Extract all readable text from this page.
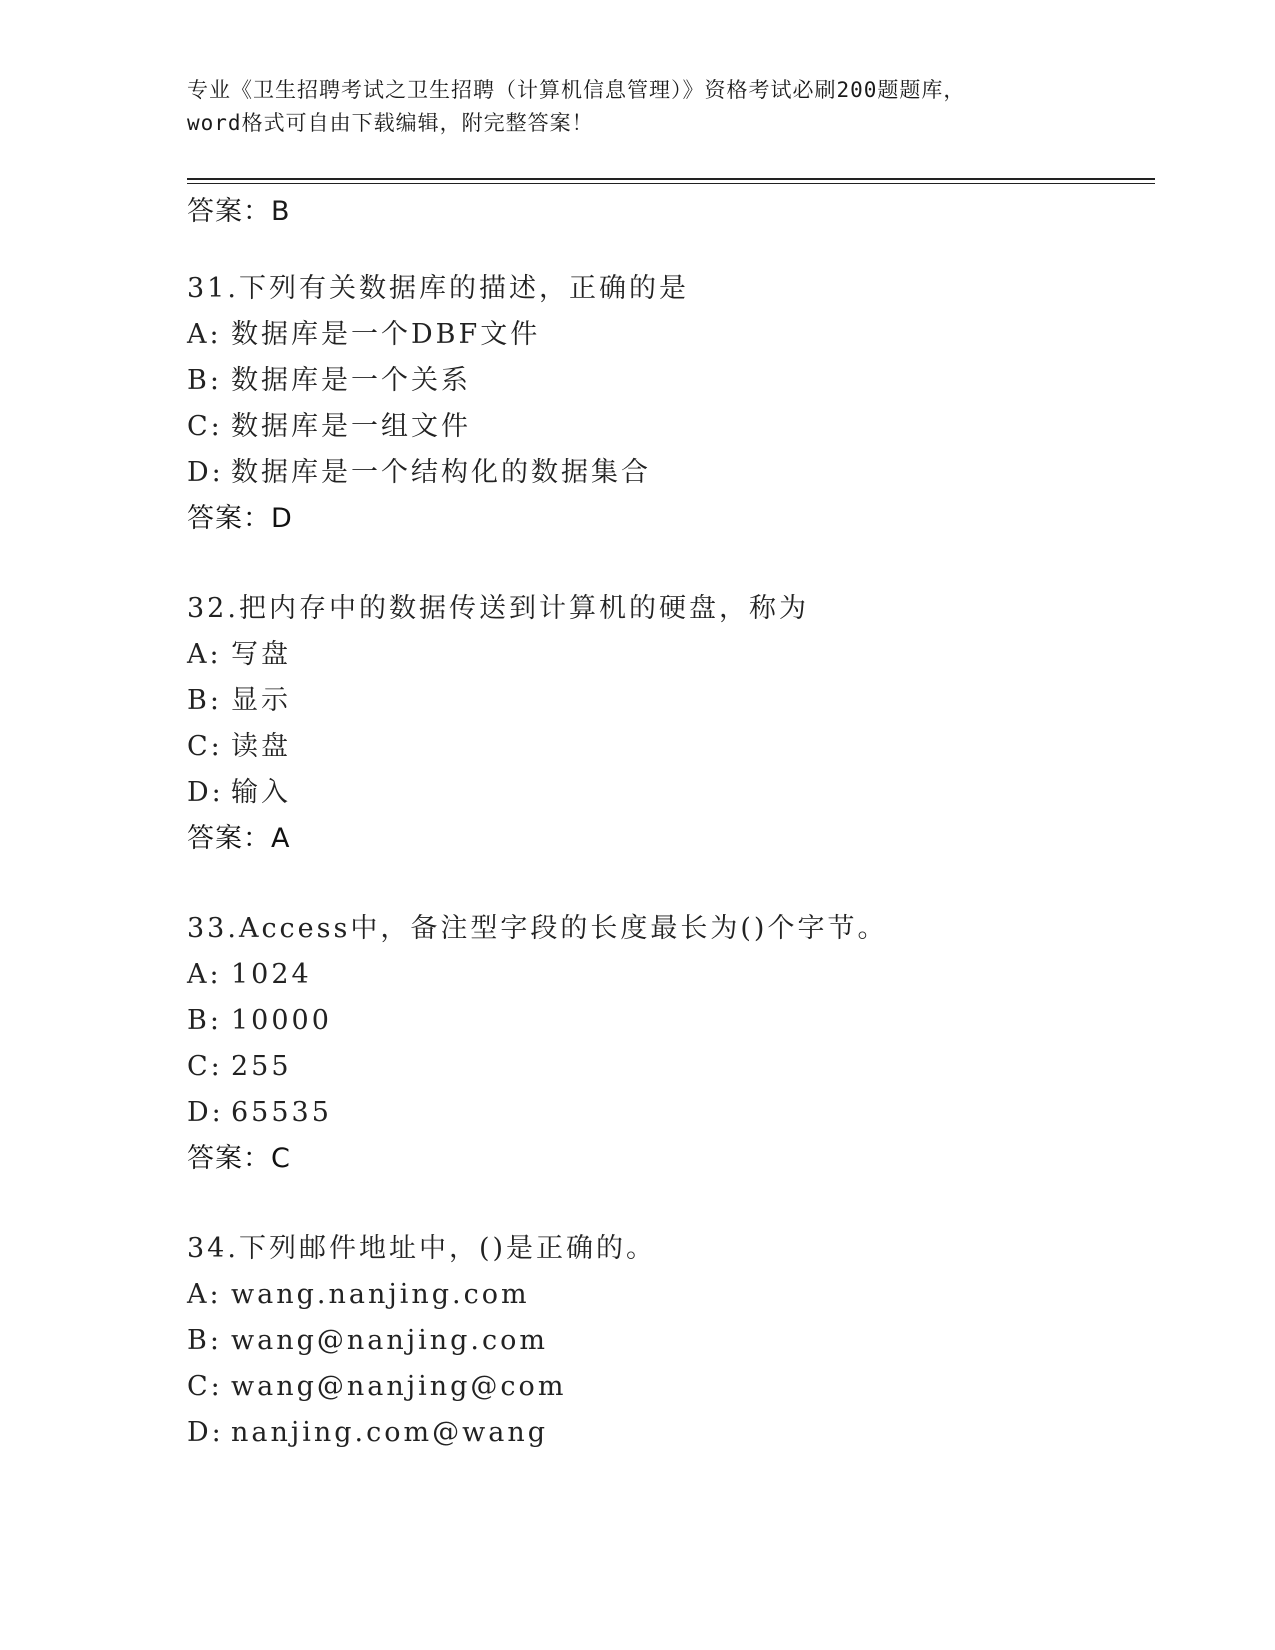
专业《卫生招聘考试之卫生招聘（计算机信息管理）》资格考试必刷200题题库，
word格式可自由下载编辑，附完整答案！
答案：B
31.下列有关数据库的描述，正确的是
A: 数据库是一个DBF文件
B: 数据库是一个关系
C: 数据库是一组文件
D: 数据库是一个结构化的数据集合
答案：D
32.把内存中的数据传送到计算机的硬盘，称为
A: 写盘
B: 显示
C: 读盘
D: 输入
答案：A
33.Access中，备注型字段的长度最长为()个字节。
A: 1024
B: 10000
C: 255
D: 65535
答案：C
34.下列邮件地址中，()是正确的。
A: wang.nanjing.com
B: wang@nanjing.com
C: wang@nanjing@com
D: nanjing.com@wang
